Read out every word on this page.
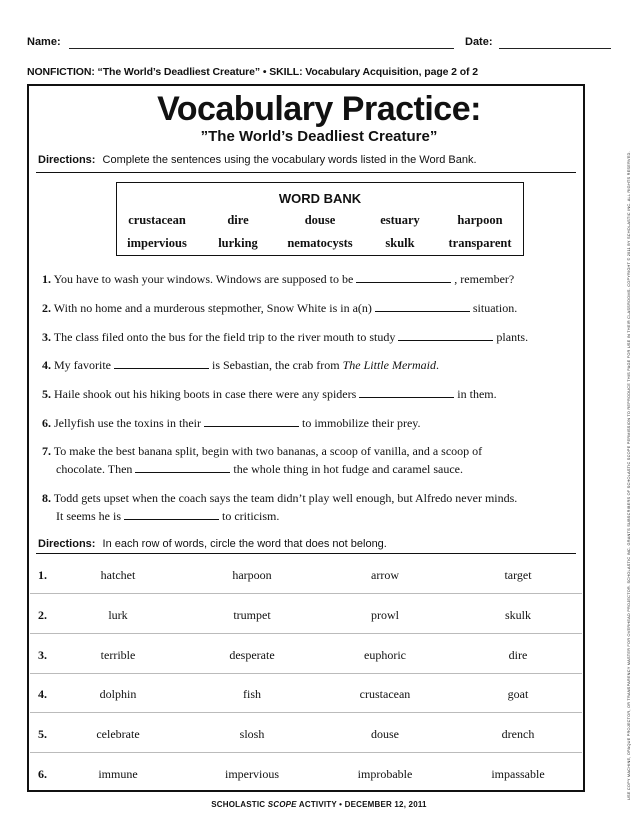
Name:	Date:
NONFICTION: “The World’s Deadliest Creature” • SKILL: Vocabulary Acquisition, page 2 of 2
Vocabulary Practice:
”The World’s Deadliest Creature”
Directions: Complete the sentences using the vocabulary words listed in the Word Bank.
WORD BANK
crustacean	dire	douse	estuary	harpoon
impervious	lurking	nematocysts	skulk	transparent
1. You have to wash your windows. Windows are supposed to be	, remember?
2. With no home and a murderous stepmother, Snow White is in a(n)	situation.
3. The class filed onto the bus for the field trip to the river mouth to study	plants.
4. My favorite	is Sebastian, the crab from The Little Mermaid.
5. Haile shook out his hiking boots in case there were any spiders	in them.
6. Jellyfish use the toxins in their	to immobilize their prey.
7. To make the best banana split, begin with two bananas, a scoop of vanilla, and a scoop of
chocolate. Then	the whole thing in hot fudge and caramel sauce.
8. Todd gets upset when the coach says the team didn’t play well enough, but Alfredo never minds.
It seems he is	to criticism.
Directions: In each row of words, circle the word that does not belong.
1.	hatchet	harpoon	arrow	target
2.	lurk	trumpet	prowl	skulk
3.	terrible	desperate	euphoric	dire
4.	dolphin	fish	crustacean	goat
5.	celebrate	slosh	douse	drench
6.	immune	impervious	improbable	impassable
SCHOLASTIC SCOPE ACTIVITY • DECEMBER 12, 2011
USE COPY MACHINE, OPAQUE PROJECTOR, OR TRANSPARENCY MASTER FOR OVERHEAD PROJECTOR. SCHOLASTIC INC. GRANTS SUBSCRIBERS OF SCHOLASTIC SCOPE PERMISSION TO REPRODUCE THIS PAGE FOR USE IN THEIR CLASSROOMS. COPYRIGHT © 2011 BY SCHOLASTIC INC. ALL RIGHTS RESERVED.
